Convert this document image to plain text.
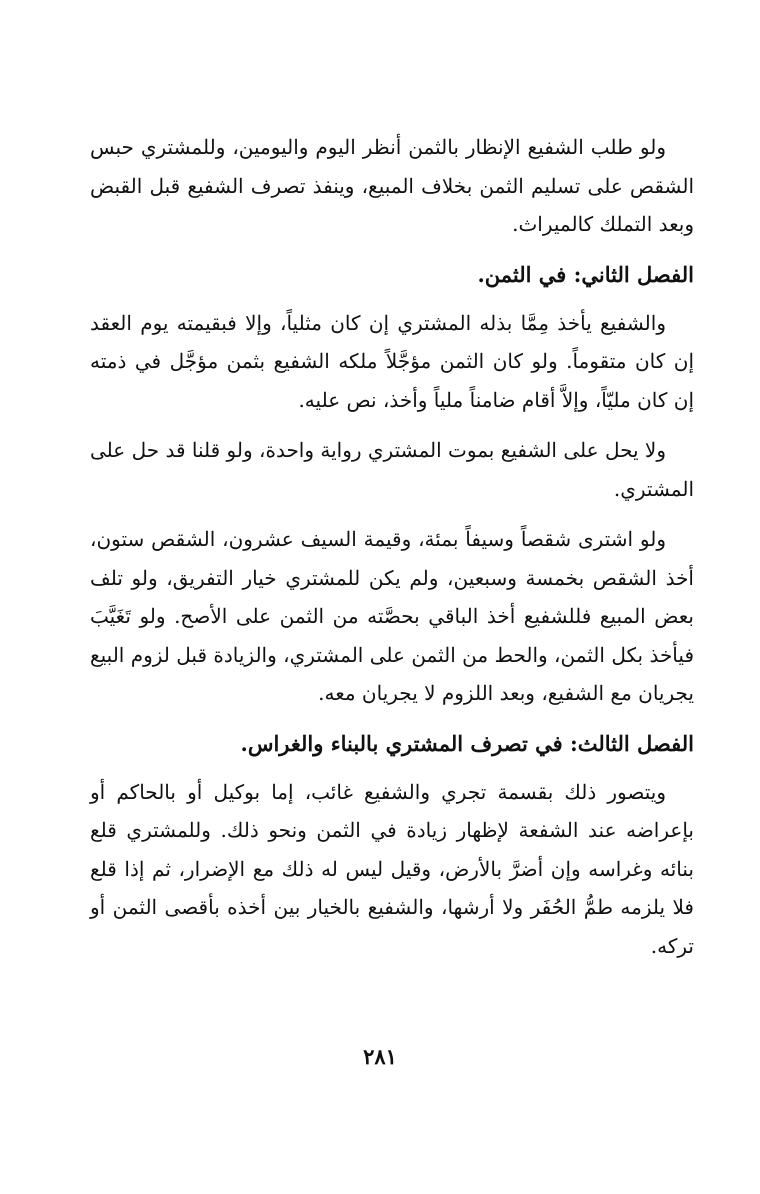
ولو طلب الشفيع الإنظار بالثمن أنظر اليوم واليومين، وللمشتري حبس الشقص على تسليم الثمن بخلاف المبيع، وينفذ تصرف الشفيع قبل القبض وبعد التملك كالميراث.

الفصل الثاني: في الثمن.

والشفيع يأخذ مِمَّا بذله المشتري إن كان مثلياً، وإلا فبقيمته يوم العقد إن كان متقوماً. ولو كان الثمن مؤجَّلاً ملكه الشفيع بثمن مؤجَّل في ذمته إن كان مليّاً، وإلاَّ أقام ضامناً ملياً وأخذ، نص عليه.

ولا يحل على الشفيع بموت المشتري رواية واحدة، ولو قلنا قد حل على المشتري.

ولو اشترى شقصاً وسيفاً بمئة، وقيمة السيف عشرون، الشقص ستون، أخذ الشقص بخمسة وسبعين، ولم يكن للمشتري خيار التفريق، ولو تلف بعض المبيع فللشفيع أخذ الباقي بحصَّته من الثمن على الأصح. ولو تَغَيَّبَ فيأخذ بكل الثمن، والحط من الثمن على المشتري، والزيادة قبل لزوم البيع يجريان مع الشفيع، وبعد اللزوم لا يجريان معه.

الفصل الثالث: في تصرف المشتري بالبناء والغراس.

ويتصور ذلك بقسمة تجري والشفيع غائب، إما بوكيل أو بالحاكم أو بإعراضه عند الشفعة لإظهار زيادة في الثمن ونحو ذلك. وللمشتري قلع بنائه وغراسه وإن أضرَّ بالأرض، وقيل ليس له ذلك مع الإضرار، ثم إذا قلع فلا يلزمه طمُّ الحُفَر ولا أرشها، والشفيع بالخيار بين أخذه بأقصى الثمن أو تركه.

٢٨١
